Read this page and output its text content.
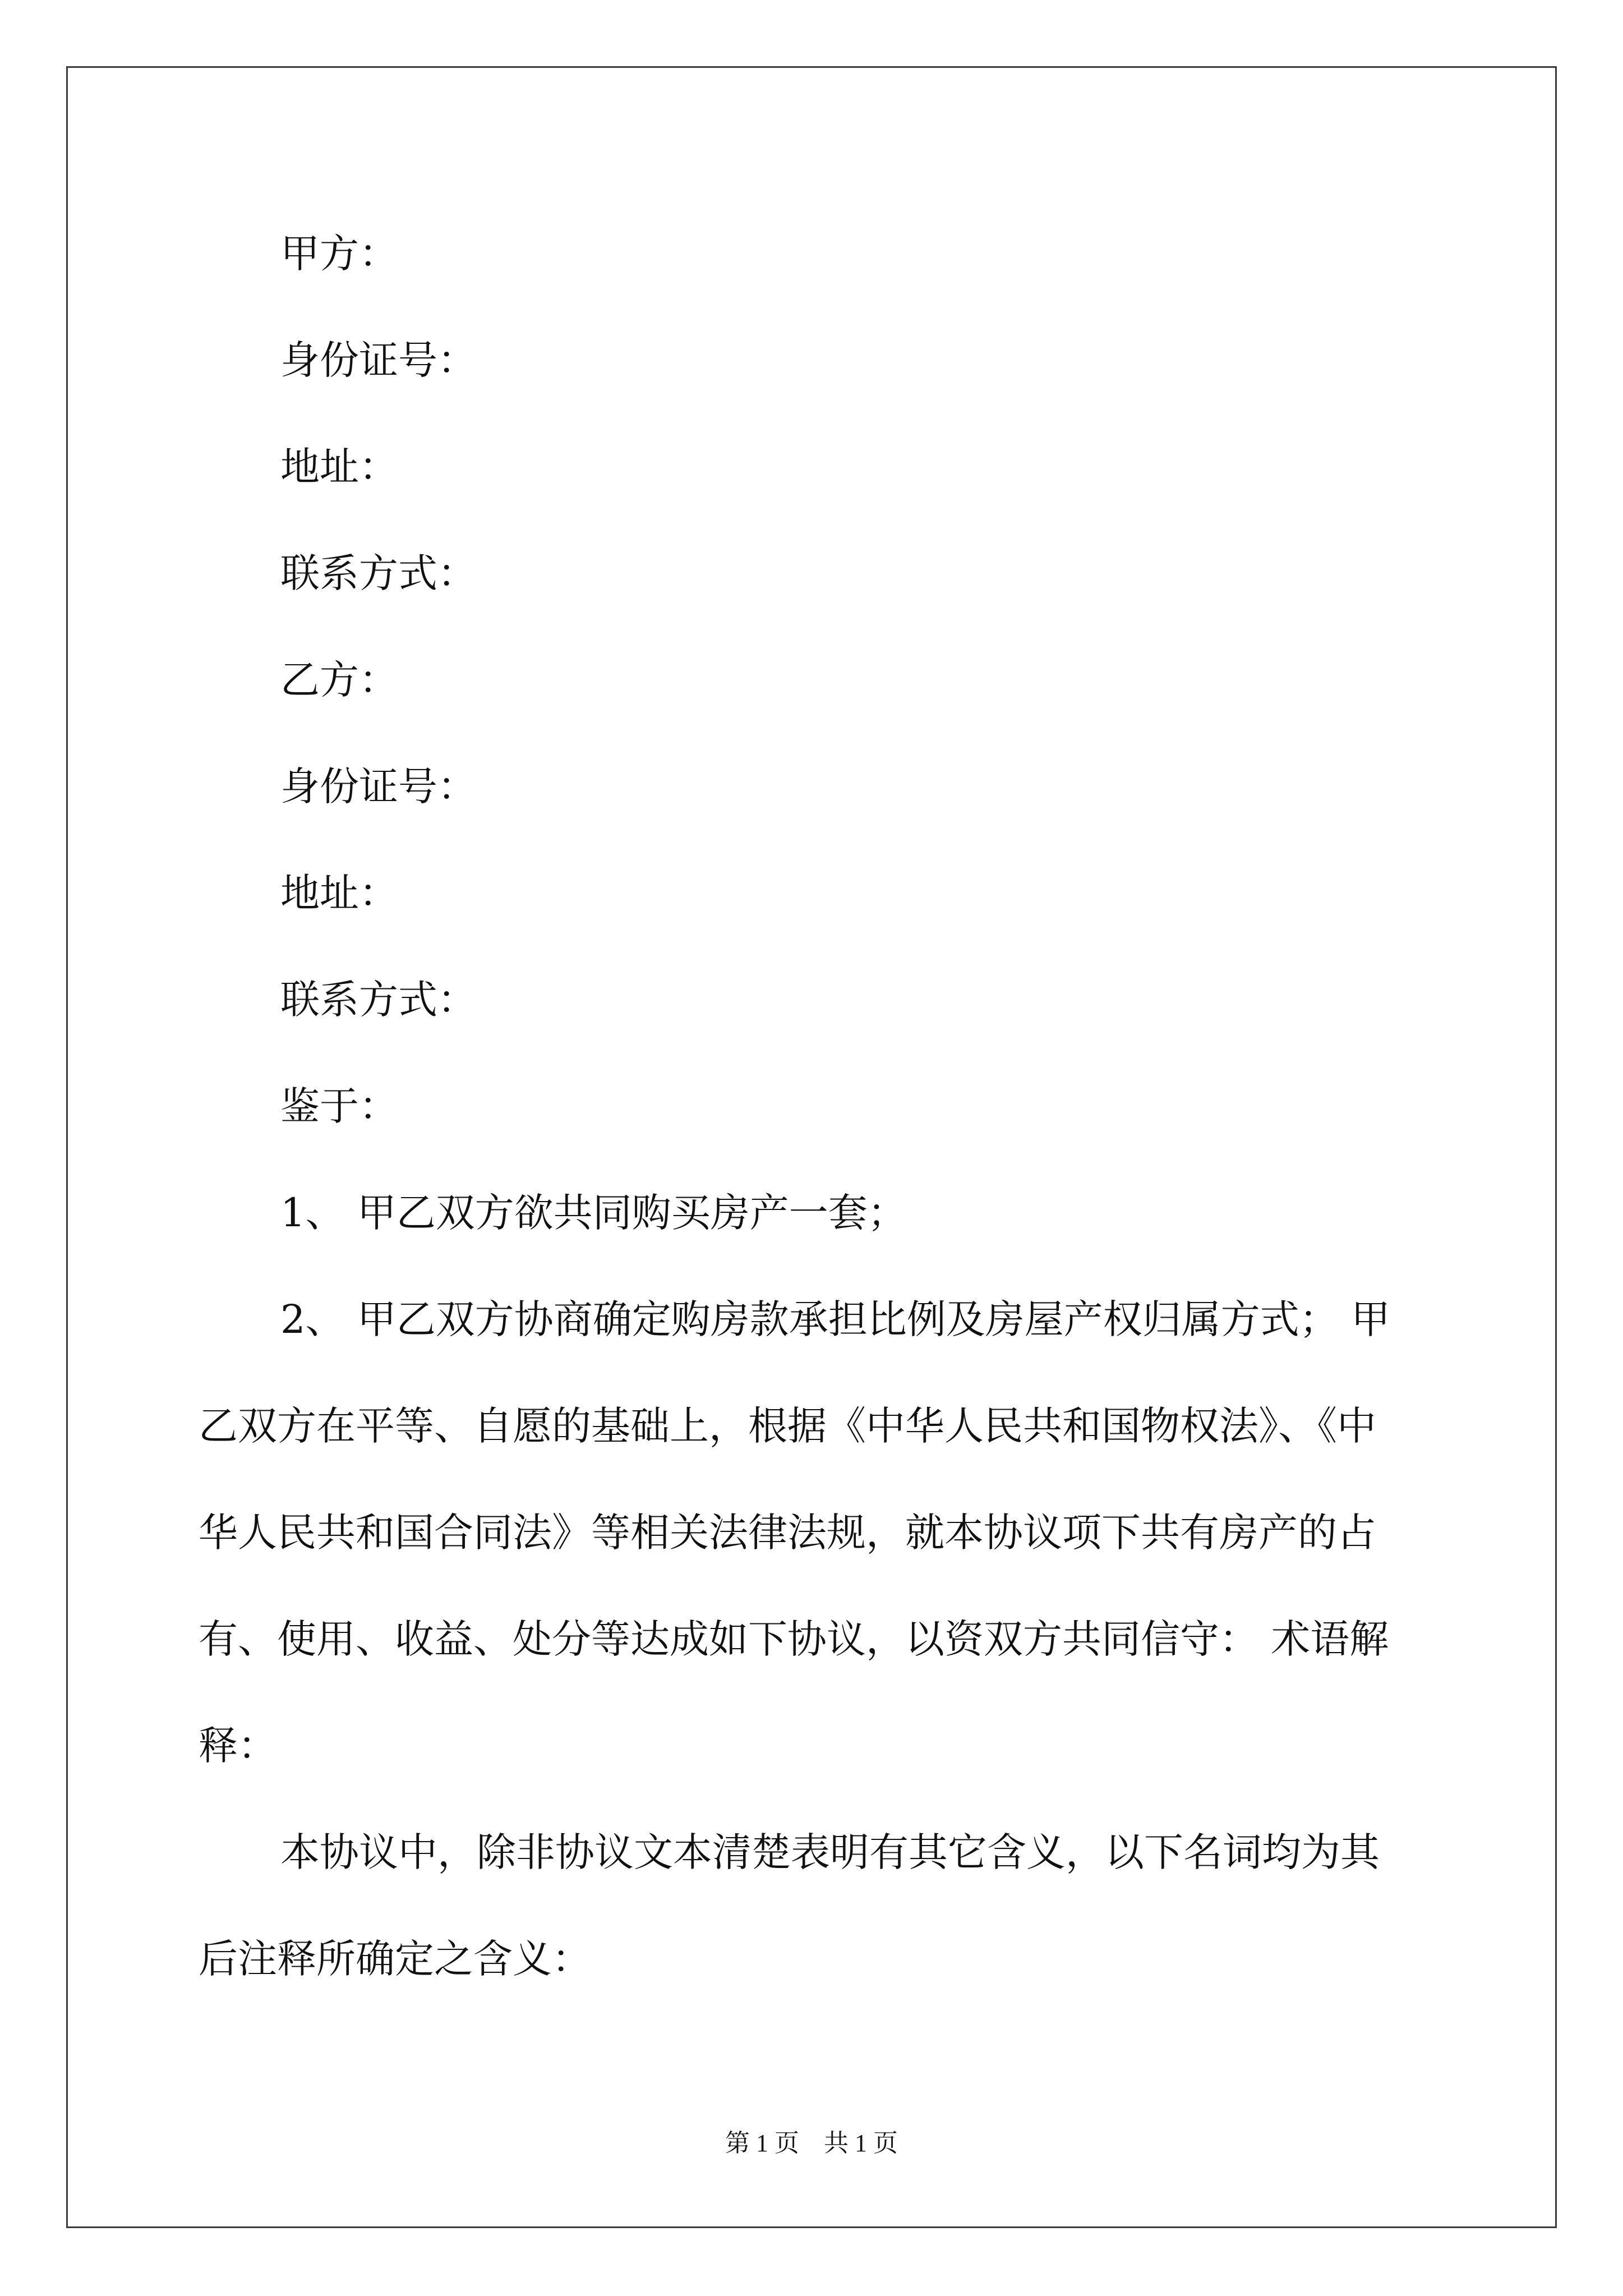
甲方：
身份证号：
地址：
联系方式：
乙方：
身份证号：
地址：
联系方式：
鉴于：
1、 甲乙双方欲共同购买房产一套；
2、 甲乙双方协商确定购房款承担比例及房屋产权归属方式； 甲
乙双方在平等、自愿的基础上，根据《中华人民共和国物权法》、《中
华人民共和国合同法》等相关法律法规，就本协议项下共有房产的占
有、使用、收益、处分等达成如下协议，以资双方共同信守： 术语解
释：
本协议中，除非协议文本清楚表明有其它含义，以下名词均为其
后注释所确定之含义：
第 1 页    共 1 页
